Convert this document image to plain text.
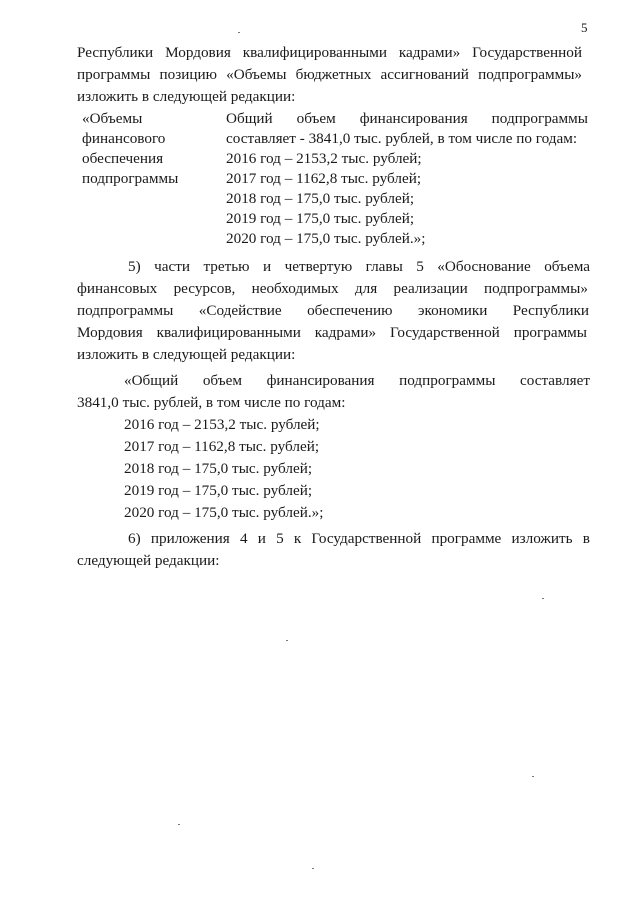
5
Республики Мордовия квалифицированными кадрами» Государственной
программы позицию «Объемы бюджетных ассигнований подпрограммы»
изложить в следующей редакции:
«Объемы
финансового
обеспечения
подпрограммы
Общий объем финансирования подпрограммы
составляет - 3841,0 тыс. рублей, в том числе по годам:
2016 год – 2153,2 тыс. рублей;
2017 год – 1162,8 тыс. рублей;
2018 год – 175,0 тыс. рублей;
2019 год – 175,0 тыс. рублей;
2020 год – 175,0 тыс. рублей.»;
5) части третью и четвертую главы 5 «Обоснование объема
финансовых ресурсов, необходимых для реализации подпрограммы»
подпрограммы «Содействие обеспечению экономики Республики
Мордовия квалифицированными кадрами» Государственной программы
изложить в следующей редакции:
«Общий объем финансирования подпрограммы составляет
3841,0 тыс. рублей, в том числе по годам:
2016 год – 2153,2 тыс. рублей;
2017 год – 1162,8 тыс. рублей;
2018 год – 175,0 тыс. рублей;
2019 год – 175,0 тыс. рублей;
2020 год – 175,0 тыс. рублей.»;
6) приложения 4 и 5 к Государственной программе изложить в
следующей редакции:
